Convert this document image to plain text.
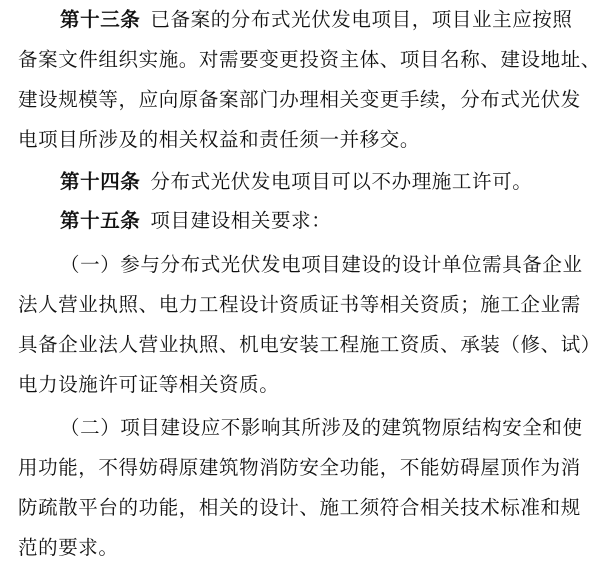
第十三条 已备案的分布式光伏发电项目，项目业主应按照
备案文件组织实施。对需要变更投资主体、项目名称、建设地址、
建设规模等，应向原备案部门办理相关变更手续，分布式光伏发
电项目所涉及的相关权益和责任须一并移交。
第十四条 分布式光伏发电项目可以不办理施工许可。
第十五条 项目建设相关要求：
（一）参与分布式光伏发电项目建设的设计单位需具备企业
法人营业执照、电力工程设计资质证书等相关资质；施工企业需
具备企业法人营业执照、机电安装工程施工资质、承装（修、试）
电力设施许可证等相关资质。
（二）项目建设应不影响其所涉及的建筑物原结构安全和使
用功能，不得妨碍原建筑物消防安全功能，不能妨碍屋顶作为消
防疏散平台的功能，相关的设计、施工须符合相关技术标准和规
范的要求。
